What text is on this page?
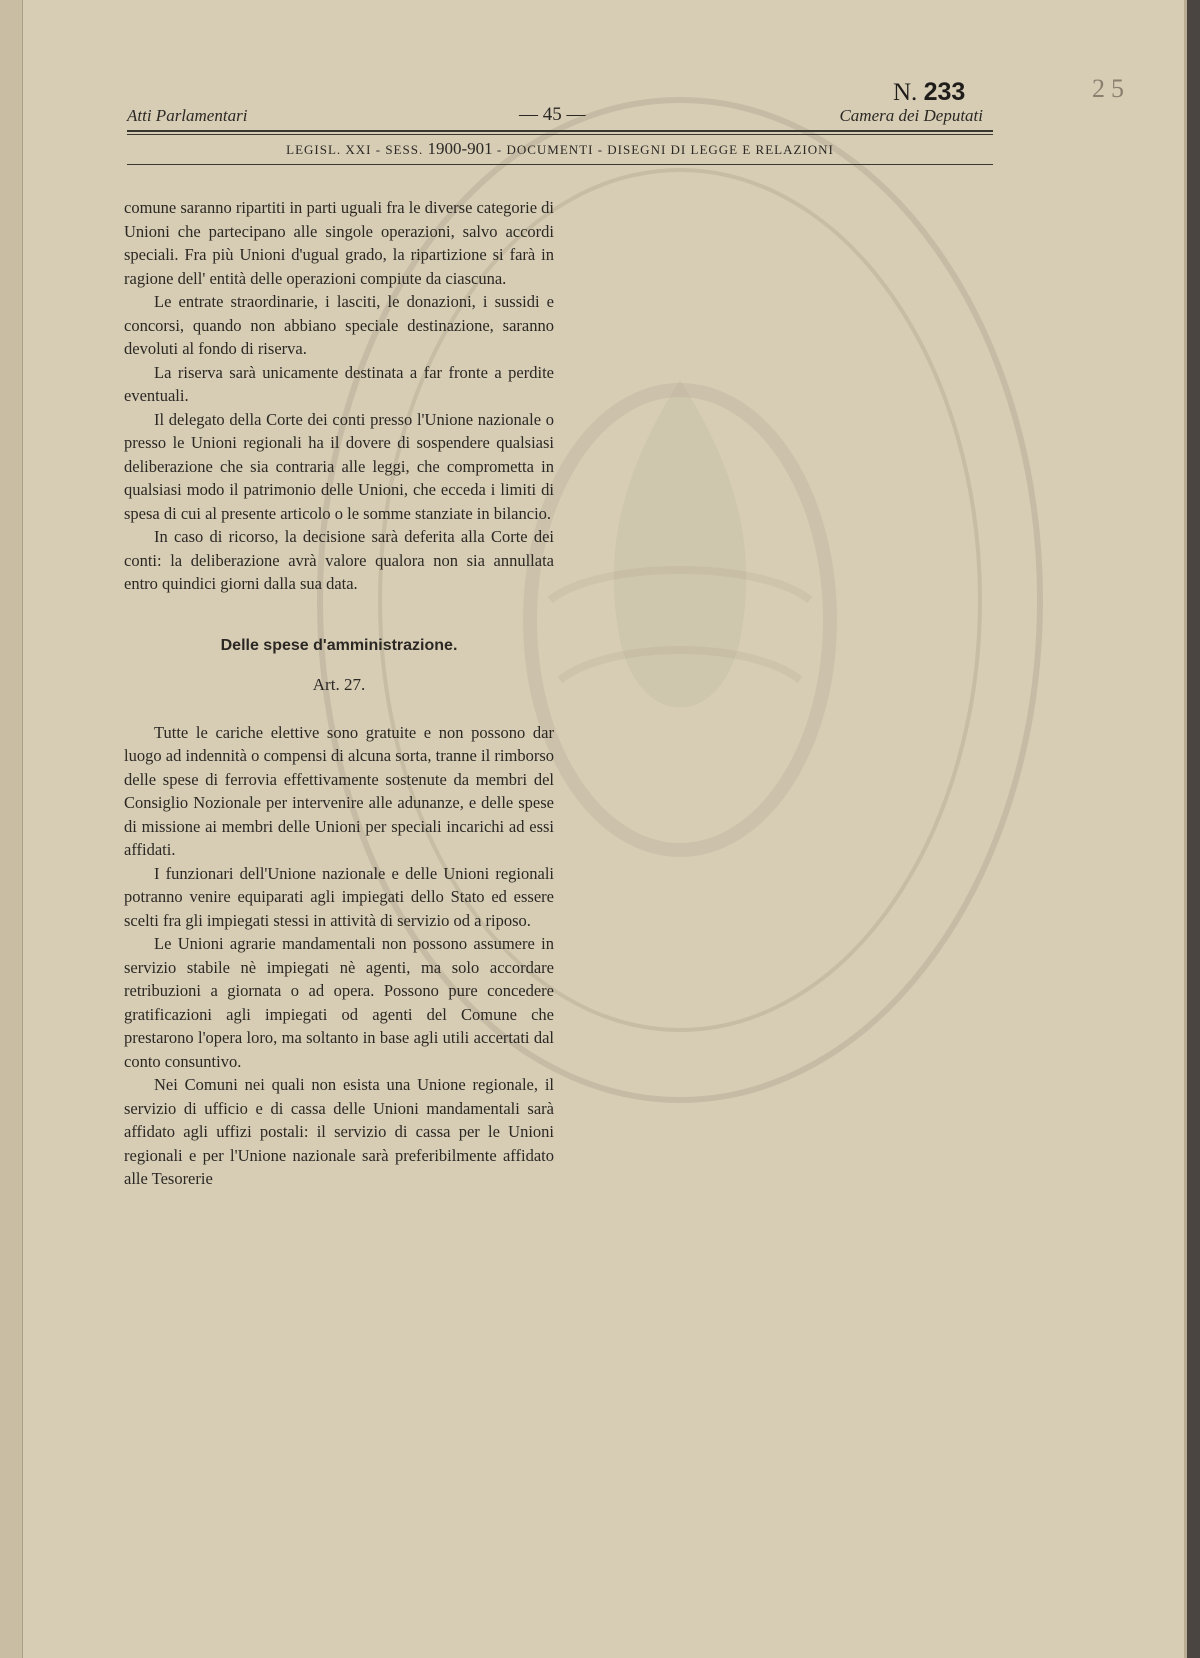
25
N. 233
Atti Parlamentari	— 45 —	Camera dei Deputati
LEGISL. XXI - SESS. 1900-901 - DOCUMENTI - DISEGNI DI LEGGE E RELAZIONI

comune saranno ripartiti in parti uguali fra le diverse categorie di Unioni che partecipano alle singole operazioni, salvo accordi speciali. Fra più Unioni d'ugual grado, la ripartizione si farà in ragione dell' entità delle operazioni compiute da ciascuna.

Le entrate straordinarie, i lasciti, le donazioni, i sussidi e concorsi, quando non abbiano speciale destinazione, saranno devoluti al fondo di riserva.

La riserva sarà unicamente destinata a far fronte a perdite eventuali.

Il delegato della Corte dei conti presso l'Unione nazionale o presso le Unioni regionali ha il dovere di sospendere qualsiasi deliberazione che sia contraria alle leggi, che comprometta in qualsiasi modo il patrimonio delle Unioni, che ecceda i limiti di spesa di cui al presente articolo o le somme stanziate in bilancio.

In caso di ricorso, la decisione sarà deferita alla Corte dei conti: la deliberazione avrà valore qualora non sia annullata entro quindici giorni dalla sua data.

Delle spese d'amministrazione.

Art. 27.

Tutte le cariche elettive sono gratuite e non possono dar luogo ad indennità o compensi di alcuna sorta, tranne il rimborso delle spese di ferrovia effettivamente sostenute da membri del Consiglio Nozionale per intervenire alle adunanze, e delle spese di missione ai membri delle Unioni per speciali incarichi ad essi affidati.

I funzionari dell'Unione nazionale e delle Unioni regionali potranno venire equiparati agli impiegati dello Stato ed essere scelti fra gli impiegati stessi in attività di servizio od a riposo.

Le Unioni agrarie mandamentali non possono assumere in servizio stabile nè impiegati nè agenti, ma solo accordare retribuzioni a giornata o ad opera. Possono pure concedere gratificazioni agli impiegati od agenti del Comune che prestarono l'opera loro, ma soltanto in base agli utili accertati dal conto consuntivo.

Nei Comuni nei quali non esista una Unione regionale, il servizio di ufficio e di cassa delle Unioni mandamentali sarà affidato agli uffizi postali: il servizio di cassa per le Unioni regionali e per l'Unione nazionale sarà preferibilmente affidato alle Tesorerie
